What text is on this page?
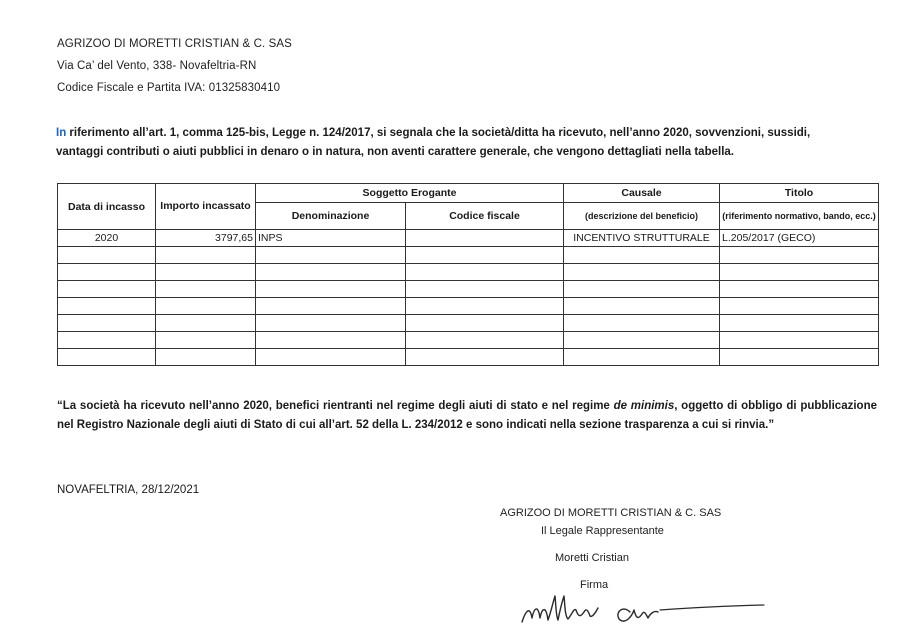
AGRIZOO DI MORETTI CRISTIAN & C. SAS
Via Ca’ del Vento, 338- Novafeltria-RN
Codice Fiscale e Partita IVA: 01325830410
In riferimento all’art. 1, comma 125-bis, Legge n. 124/2017, si segnala che la società/ditta ha ricevuto, nell’anno 2020, sovvenzioni, sussidi,
vantaggi contributi o aiuti pubblici in denaro o in natura, non aventi carattere generale, che vengono dettagliati nella tabella.
Data di incasso	Importo incassato	Soggetto Erogante		Causale	Titolo
		Denominazione	Codice fiscale	(descrizione del beneficio)	(riferimento normativo, bando, ecc.)
2020	3797,65	INPS		INCENTIVO STRUTTURALE	L.205/2017 (GECO)

“La società ha ricevuto nell’anno 2020, benefici rientranti nel regime degli aiuti di stato e nel regime de minimis, oggetto di obbligo di pubblicazione nel Registro Nazionale degli aiuti di Stato di cui all’art. 52 della L. 234/2012 e sono indicati nella sezione trasparenza a cui si rinvia.”
NOVAFELTRIA, 28/12/2021
AGRIZOO DI MORETTI CRISTIAN & C. SAS
Il Legale Rappresentante
Moretti Cristian
Firma
